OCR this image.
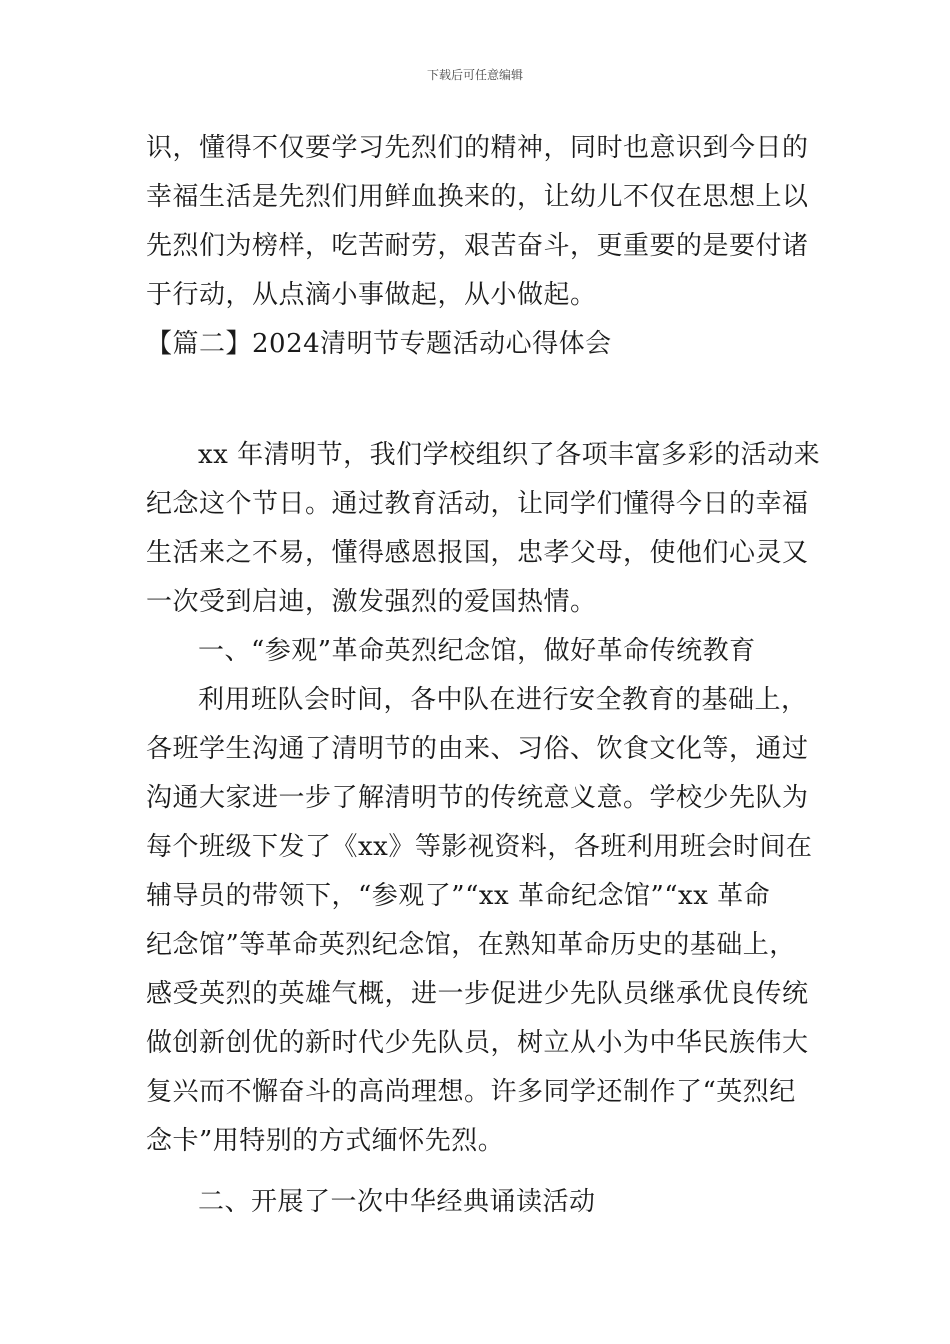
下载后可任意编辑
识，懂得不仅要学习先烈们的精神，同时也意识到今日的
幸福生活是先烈们用鲜血换来的，让幼儿不仅在思想上以
先烈们为榜样，吃苦耐劳，艰苦奋斗，更重要的是要付诸
于行动，从点滴小事做起，从小做起。
【篇二】2024清明节专题活动心得体会
xx 年清明节，我们学校组织了各项丰富多彩的活动来
纪念这个节日。通过教育活动，让同学们懂得今日的幸福
生活来之不易，懂得感恩报国，忠孝父母，使他们心灵又
一次受到启迪，激发强烈的爱国热情。
一、“参观”革命英烈纪念馆，做好革命传统教育
利用班队会时间，各中队在进行安全教育的基础上，
各班学生沟通了清明节的由来、习俗、饮食文化等，通过
沟通大家进一步了解清明节的传统意义意。学校少先队为
每个班级下发了《xx》等影视资料，各班利用班会时间在
辅导员的带领下，“参观了”“xx 革命纪念馆”“xx 革命
纪念馆”等革命英烈纪念馆，在熟知革命历史的基础上，
感受英烈的英雄气概，进一步促进少先队员继承优良传统
做创新创优的新时代少先队员，树立从小为中华民族伟大
复兴而不懈奋斗的高尚理想。许多同学还制作了“英烈纪
念卡”用特别的方式缅怀先烈。
二、开展了一次中华经典诵读活动
